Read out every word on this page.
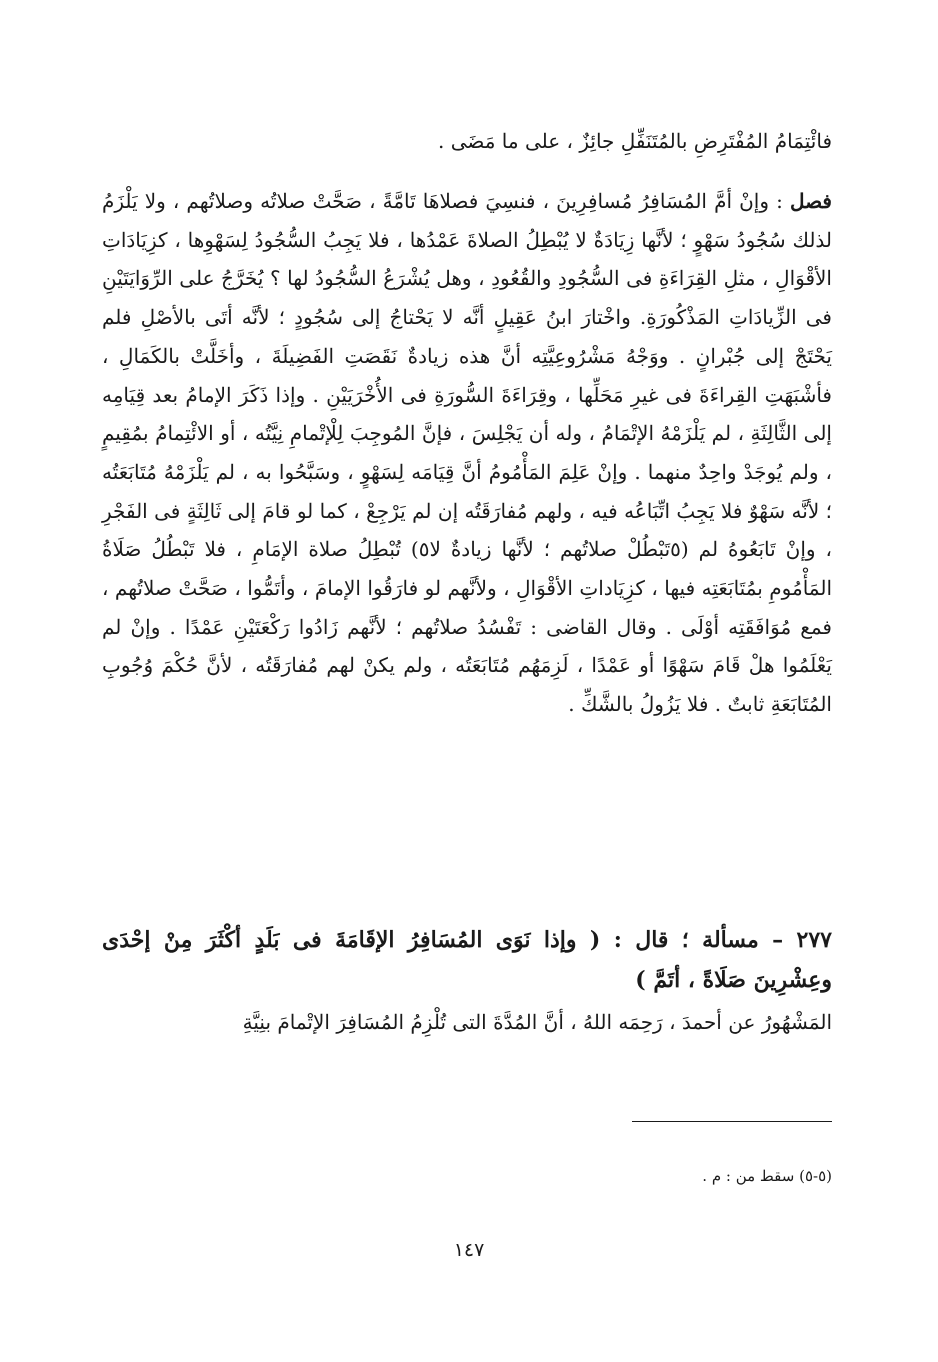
فائْتِمَامُ المُفْتَرِضِ بالمُتَنَفِّلِ جائِزٌ ، على ما مَضَى .

فصل : وإنْ أمَّ المُسَافِرُ مُسافِرِينَ ، فنسِيَ فصلاهَا تَامَّةً ، صَحَّتْ صلاتُه وصلاتُهم ، ولا يَلْزَمُ لذلك سُجُودُ سَهْوٍ ؛ لأنَّها زِيَادَةٌ لا يُبْطِلُ الصلاةَ عَمْدُها ، فلا يَجِبُ السُّجُودُ لِسَهْوِها ، كزِيَادَاتِ الأقْوَالِ ، مثلِ القِرَاءَةِ فى السُّجُودِ والقُعُودِ ، وهل يُشْرَعُ السُّجُودُ لها ؟ يُخَرَّجُ على الرِّوَايَتَيْنِ فى الزِّيادَاتِ المَذْكُورَةِ. واخْتارَ ابنُ عَقِيلٍ أنَّه لا يَحْتاجُ إلى سُجُودٍ ؛ لأنَّه أتَى بالأصْلِ فلم يَحْتَجْ إلى جُبْرانٍ . ووَجْهُ مَشْرُوعِيَّتِه أنَّ هذه زيادةٌ نَقَصَتِ الفَضِيلَةَ ، وأخَلَّتْ بالكَمَالِ ، فأشْبَهَتِ القِراءَةَ فى غيرِ مَحَلِّها ، وقِرَاءَةَ السُّورَةِ فى الأُخْرَيَيْنِ . وإذا ذَكَرَ الإمامُ بعد قِيَامِه إلى الثَّالِثَةِ ، لم يَلْزَمْهُ الإتْمَامُ ، وله أن يَجْلِسَ ، فإنَّ المُوجِبَ لِلْإتْمامِ نِيَّتُه ، أو الائْتِمامُ بمُقِيمٍ ، ولم يُوجَدْ واحِدٌ منهما . وإنْ عَلِمَ المَأْمُومُ أنَّ قِيَامَه لِسَهْوٍ ، وسَبَّحُوا به ، لم يَلْزَمْهُ مُتَابَعَتُه ؛ لأنَّه سَهْوٌ فلا يَجِبُ اتِّبَاعُه فيه ، ولهم مُفارَقَتُه إن لم يَرْجِعْ ، كما لو قامَ إلى ثَالِثَةٍ فى الفَجْرِ ، وإنْ تَابَعُوهُ لم (٥تَبْطُلْ صلاتُهم ؛ لأنَّها زيادةٌ لا٥) تُبْطِلُ صلاة الإمَامِ ، فلا تَبْطُلُ صَلَاةُ المَأْمُومِ بمُتَابَعَتِه فيها ، كزِيَاداتِ الأقْوَالِ ، ولأنَّهم لو فارَقُوا الإمامَ ، وأتَمُّوا ، صَحَّتْ صلاتُهم ، فمع مُوَافَقَتِه أوْلَى . وقال القاضى : تَفْسُدُ صلاتُهم ؛ لأنَّهم زَادُوا رَكْعَتَيْنِ عَمْدًا . وإنْ لم يَعْلَمُوا هلْ قَامَ سَهْوًا أو عَمْدًا ، لَزِمَهُم مُتَابَعَتُه ، ولم يكنْ لهم مُفارَقَتُه ، لأنَّ حُكْمَ وُجُوبِ المُتَابَعَةِ ثابتٌ . فلا يَزُولُ بالشَّكِّ .

٢٧٧ – مسألة ؛ قال : ( وإذا نَوَى المُسَافِرُ الإقَامَةَ فى بَلَدٍ أكْثَرَ مِنْ إحْدَى وعِشْرِينَ صَلَاةً ، أتَمَّ )

المَشْهُورُ عن أحمدَ ، رَحِمَه اللهُ ، أنَّ المُدَّةَ التى تُلْزِمُ المُسَافِرَ الإتْمامَ بنِيَّةِ

(٥-٥) سقط من : م .

١٤٧
